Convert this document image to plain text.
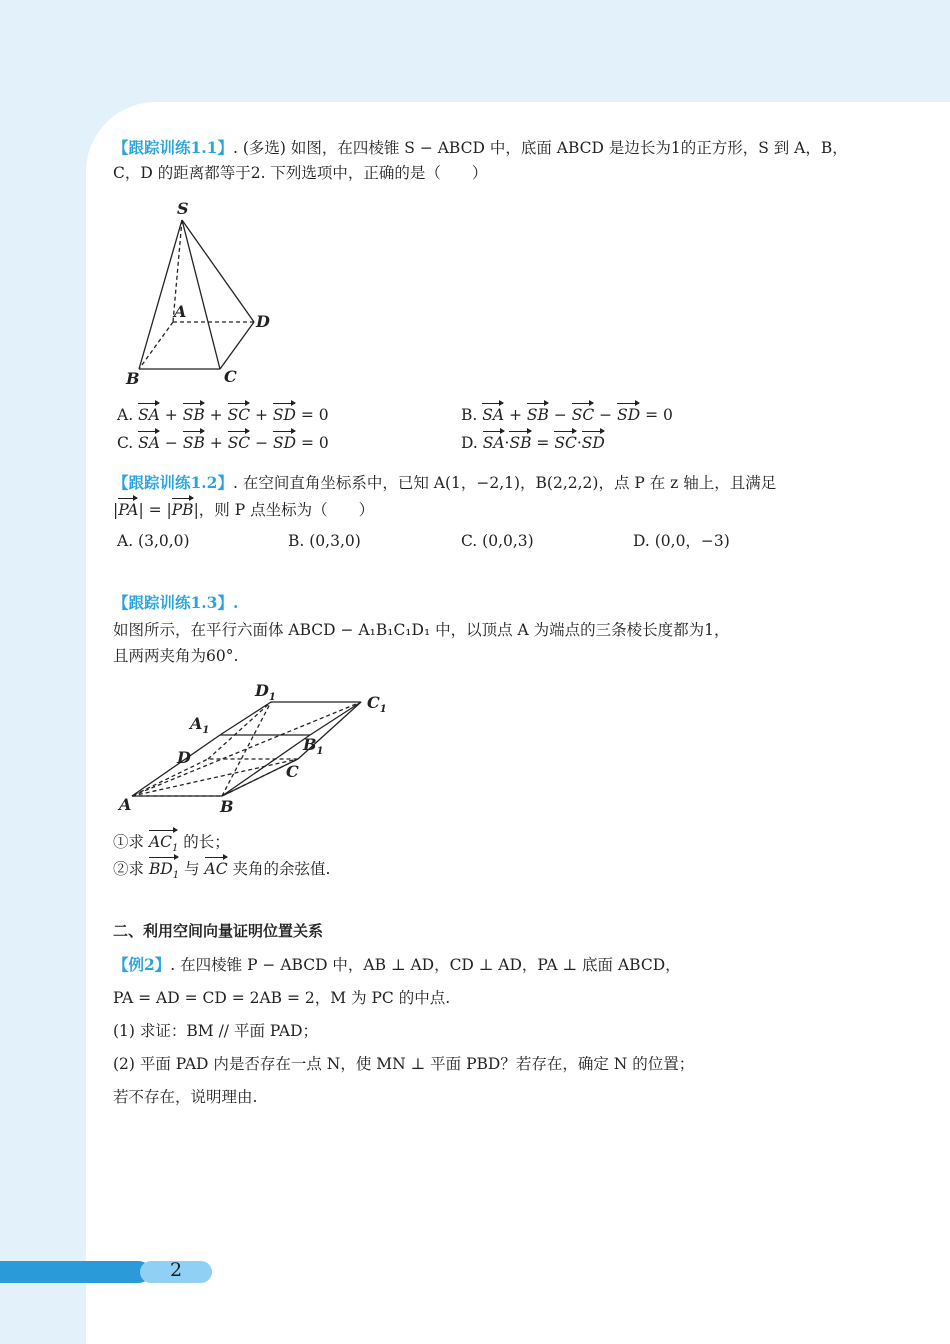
【跟踪训练1.1】. (多选) 如图，在四棱锥 S − ABCD 中，底面 ABCD 是边长为1的正方形，S 到 A，B，
C，D 的距离都等于2. 下列选项中，正确的是（　　）
S
A
D
B	C
A. SA + SB + SC + SD = 0	B. SA + SB − SC − SD = 0
C. SA − SB + SC − SD = 0	D. SA·SB = SC·SD
【跟踪训练1.2】. 在空间直角坐标系中，已知 A(1，−2,1)，B(2,2,2)，点 P 在 z 轴上，且满足
|PA| = |PB|，则 P 点坐标为（　　）
A. (3,0,0)	B. (0,3,0)	C. (0,0,3)	D. (0,0，−3)
【跟踪训练1.3】.
如图所示，在平行六面体 ABCD − A₁B₁C₁D₁ 中，以顶点 A 为端点的三条棱长度都为1，
且两两夹角为60°.
A	B
C
D
$A_1$
$B_1$
$C_1$
$D_1$
①求 $AC_1$ 的长；
②求 $BD_1$ 与 AC 夹角的余弦值.
二、利用空间向量证明位置关系
【例2】. 在四棱锥 P − ABCD 中，AB ⊥ AD，CD ⊥ AD，PA ⊥ 底面 ABCD，
PA = AD = CD = 2AB = 2，M 为 PC 的中点.
(1) 求证：BM // 平面 PAD；
(2) 平面 PAD 内是否存在一点 N，使 MN ⊥ 平面 PBD？若存在，确定 N 的位置；
若不存在，说明理由.
2
